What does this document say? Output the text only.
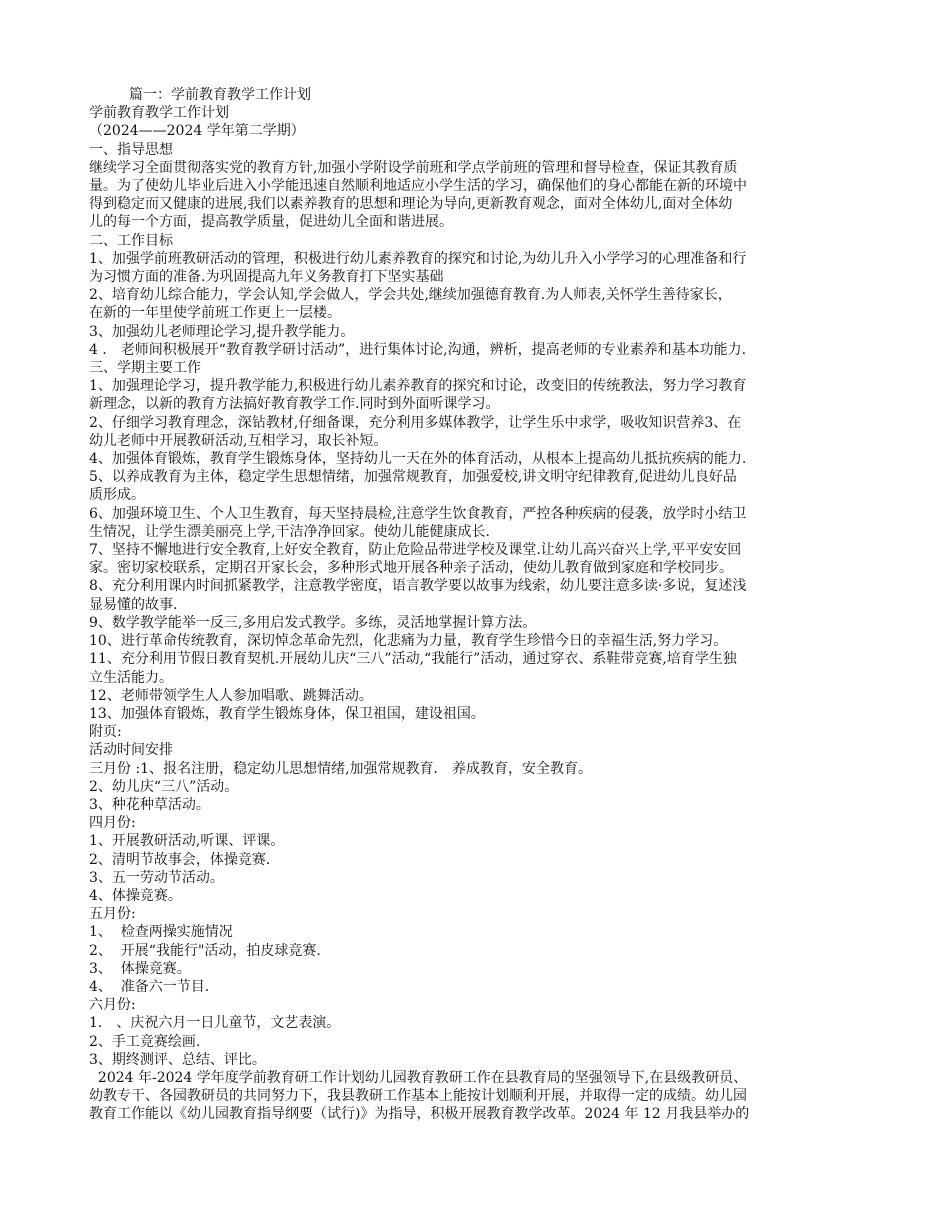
篇一：学前教育教学工作计划
学前教育教学工作计划
（2024——2024 学年第二学期）
一、指导思想
继续学习全面贯彻落实党的教育方针,加强小学附设学前班和学点学前班的管理和督导检查，保证其教育质
量。为了使幼儿毕业后进入小学能迅速自然顺利地适应小学生活的学习，确保他们的身心都能在新的环境中
得到稳定而又健康的进展,我们以素养教育的思想和理论为导向,更新教育观念，面对全体幼儿,面对全体幼
儿的每一个方面，提高教学质量，促进幼儿全面和谐进展。
二、工作目标
1、加强学前班教研活动的管理，积极进行幼儿素养教育的探究和讨论,为幼儿升入小学学习的心理准备和行
为习惯方面的准备.为巩固提高九年义务教育打下坚实基础
2、培育幼儿综合能力，学会认知,学会做人，学会共处,继续加强德育教育.为人师表,关怀学生善待家长，
在新的一年里使学前班工作更上一层楼。
3、加强幼儿老师理论学习,提升教学能力。
4 ． 老师间积极展开“教育教学研讨活动”，进行集体讨论,沟通，辨析，提高老师的专业素养和基本功能力.
三、学期主要工作
1、加强理论学习，提升教学能力,积极进行幼儿素养教育的探究和讨论，改变旧的传统教法，努力学习教育
新理念，以新的教育方法搞好教育教学工作.同时到外面听课学习。
2、仔细学习教育理念，深钻教材,仔细备课，充分利用多媒体教学，让学生乐中求学，吸收知识营养3、在
幼儿老师中开展教研活动,互相学习，取长补短。
4、加强体育锻炼，教育学生锻炼身体，坚持幼儿一天在外的体育活动，从根本上提高幼儿抵抗疾病的能力.
5、以养成教育为主体，稳定学生思想情绪，加强常规教育，加强爱校,讲文明守纪律教育,促进幼儿良好品
质形成。
6、加强环境卫生、个人卫生教育，每天坚持晨检,注意学生饮食教育，严控各种疾病的侵袭，放学时小结卫
生情况，让学生漂美丽亮上学,干洁净净回家。使幼儿能健康成长.
7、坚持不懈地进行安全教育,上好安全教育，防止危险品带进学校及课堂.让幼儿高兴奋兴上学,平平安安回
家。密切家校联系，定期召开家长会，多种形式地开展各种亲子活动，使幼儿教育做到家庭和学校同步。
8、充分利用课内时间抓紧教学，注意教学密度，语言教学要以故事为线索，幼儿要注意多读·多说，复述浅
显易懂的故事.
9、数学教学能举一反三,多用启发式教学。多练，灵活地掌握计算方法。
10、进行革命传统教育，深切悼念革命先烈，化悲痛为力量，教育学生珍惜今日的幸福生活,努力学习。
11、充分利用节假日教育契机.开展幼儿庆“三八”活动,“我能行”活动，通过穿衣、系鞋带竞赛,培育学生独
立生活能力。
12、老师带领学生人人参加唱歌、跳舞活动。
13、加强体育锻炼，教育学生锻炼身体，保卫祖国，建设祖国。
附页:
活动时间安排
三月份 :1、报名注册，稳定幼儿思想情绪,加强常规教育． 养成教育，安全教育。
2、幼儿庆“三八”活动。
3、种花种草活动。
四月份:
1、开展教研活动,听课、评课。
2、清明节故事会，体操竞赛.
3、五一劳动节活动。
4、体操竞赛。
五月份:
1、  检查两操实施情况
2、  开展“我能行"活动，拍皮球竞赛.
3、  体操竞赛。
4、  准备六一节目.
六月份:
1． 、庆祝六月一日儿童节，文艺表演。
2、手工竞赛绘画.
3、期终测评、总结、评比。
2024 年-2024 学年度学前教育研工作计划幼儿园教育教研工作在县教育局的坚强领导下,在县级教研员、
幼教专干、各园教研员的共同努力下，我县教研工作基本上能按计划顺利开展，并取得一定的成绩。幼儿园
教育工作能以《幼儿园教育指导纲要（试行)》为指导，积极开展教育教学改革。2024 年 12 月我县举办的
